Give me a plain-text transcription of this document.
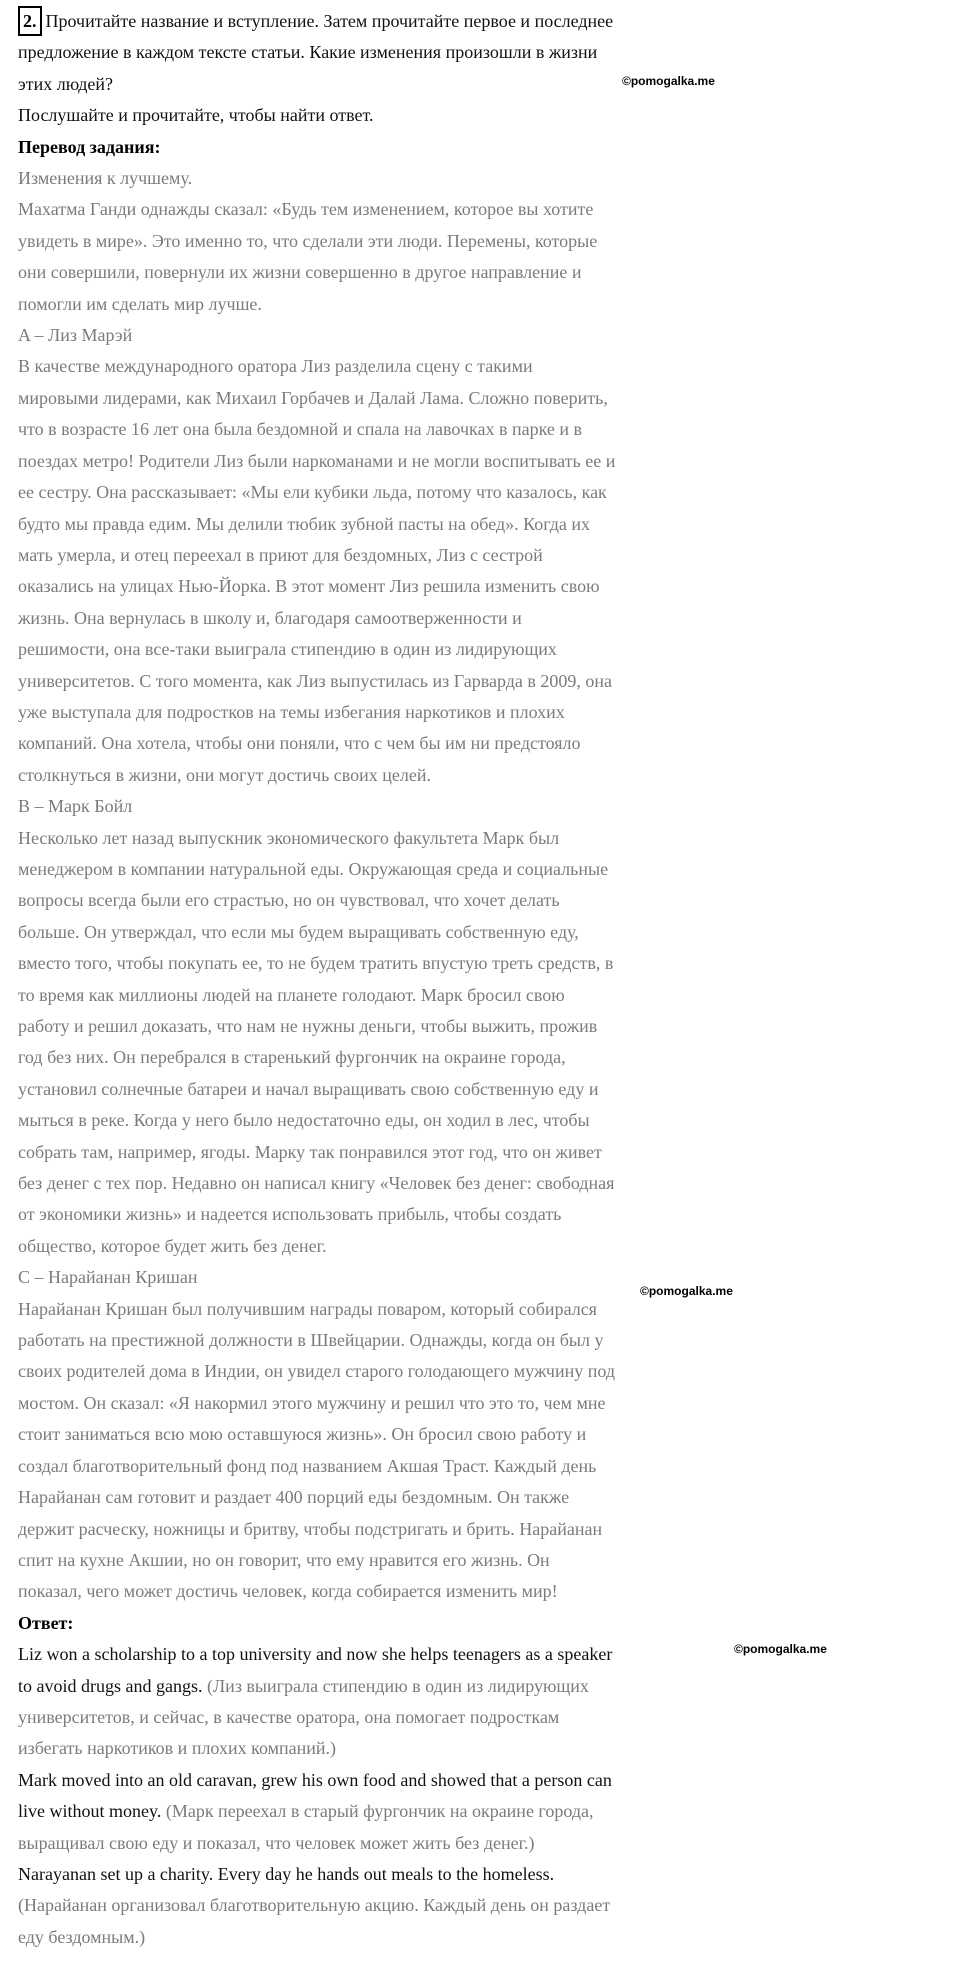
2. Прочитайте название и вступление. Затем прочитайте первое и последнее
предложение в каждом тексте статьи. Какие изменения произошли в жизни
этих людей?
Послушайте и прочитайте, чтобы найти ответ.
Перевод задания:
Изменения к лучшему.
Махатма Ганди однажды сказал: «Будь тем изменением, которое вы хотите
увидеть в мире». Это именно то, что сделали эти люди. Перемены, которые
они совершили, повернули их жизни совершенно в другое направление и
помогли им сделать мир лучше.
A – Лиз Марэй
В качестве международного оратора Лиз разделила сцену с такими
мировыми лидерами, как Михаил Горбачев и Далай Лама. Сложно поверить,
что в возрасте 16 лет она была бездомной и спала на лавочках в парке и в
поездах метро! Родители Лиз были наркоманами и не могли воспитывать ее и
ее сестру. Она рассказывает: «Мы ели кубики льда, потому что казалось, как
будто мы правда едим. Мы делили тюбик зубной пасты на обед». Когда их
мать умерла, и отец переехал в приют для бездомных, Лиз с сестрой
оказались на улицах Нью-Йорка. В этот момент Лиз решила изменить свою
жизнь. Она вернулась в школу и, благодаря самоотверженности и
решимости, она все-таки выиграла стипендию в один из лидирующих
университетов. С того момента, как Лиз выпустилась из Гарварда в 2009, она
уже выступала для подростков на темы избегания наркотиков и плохих
компаний. Она хотела, чтобы они поняли, что с чем бы им ни предстояло
столкнуться в жизни, они могут достичь своих целей.
B – Марк Бойл
Несколько лет назад выпускник экономического факультета Марк был
менеджером в компании натуральной еды. Окружающая среда и социальные
вопросы всегда были его страстью, но он чувствовал, что хочет делать
больше. Он утверждал, что если мы будем выращивать собственную еду,
вместо того, чтобы покупать ее, то не будем тратить впустую треть средств, в
то время как миллионы людей на планете голодают. Марк бросил свою
работу и решил доказать, что нам не нужны деньги, чтобы выжить, прожив
год без них. Он перебрался в старенький фургончик на окраине города,
установил солнечные батареи и начал выращивать свою собственную еду и
мыться в реке. Когда у него было недостаточно еды, он ходил в лес, чтобы
собрать там, например, ягоды. Марку так понравился этот год, что он живет
без денег с тех пор. Недавно он написал книгу «Человек без денег: свободная
от экономики жизнь» и надеется использовать прибыль, чтобы создать
общество, которое будет жить без денег.
C – Нарайанан Кришан
Нарайанан Кришан был получившим награды поваром, который собирался
работать на престижной должности в Швейцарии. Однажды, когда он был у
своих родителей дома в Индии, он увидел старого голодающего мужчину под
мостом. Он сказал: «Я накормил этого мужчину и решил что это то, чем мне
стоит заниматься всю мою оставшуюся жизнь». Он бросил свою работу и
создал благотворительный фонд под названием Акшая Траст. Каждый день
Нарайанан сам готовит и раздает 400 порций еды бездомным. Он также
держит расческу, ножницы и бритву, чтобы подстригать и брить. Нарайанан
спит на кухне Акшии, но он говорит, что ему нравится его жизнь. Он
показал, чего может достичь человек, когда собирается изменить мир!
Ответ:
Liz won a scholarship to a top university and now she helps teenagers as a speaker
to avoid drugs and gangs. (Лиз выиграла стипендию в один из лидирующих
университетов, и сейчас, в качестве оратора, она помогает подросткам
избегать наркотиков и плохих компаний.)
Mark moved into an old caravan, grew his own food and showed that a person can
live without money. (Марк переехал в старый фургончик на окраине города,
выращивал свою еду и показал, что человек может жить без денег.)
Narayanan set up a charity. Every day he hands out meals to the homeless.
(Нарайанан организовал благотворительную акцию. Каждый день он раздает
еду бездомным.)
©pomogalka.me
©pomogalka.me
©pomogalka.me
